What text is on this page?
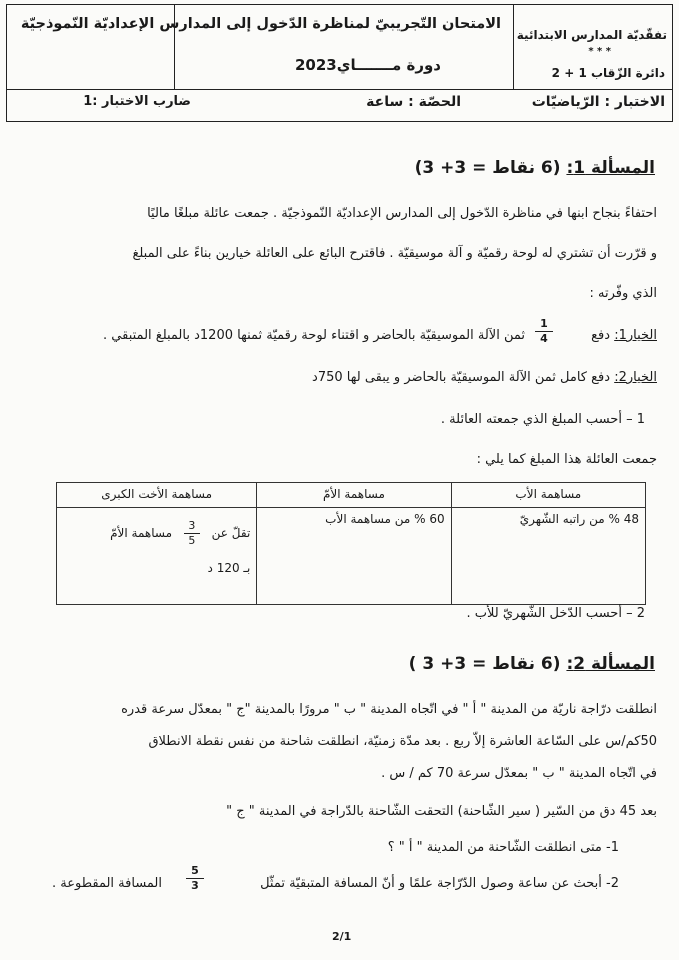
تفقّديّة المدارس الابتدائية
* * *
دائرة الزّقاب 1 + 2
الامتحان التّجريبيّ لمناظرة الدّخول إلى المدارس الإعداديّة النّموذجيّة
دورة مـــــــاي2023
الاختبار : الرّياضيّات
الحصّة : ساعة
ضارب الاختبار :1
المسألة 1: (6 نقاط = 3+ 3)
احتفاءً بنجاح ابنها في مناظرة الدّخول إلى المدارس الإعداديّة النّموذجيّة . جمعت عائلة مبلغًا ماليًا
و قرّرت أن تشتري له لوحة رقميّة و آلة موسيقيّة . فاقترح البائع على العائلة خيارين بناءً على المبلغ
الذي وفّرته :
الخيار1: دفع
1
4
ثمن الآلة الموسيقيّة بالحاضر و اقتناء لوحة رقميّة ثمنها 1200د بالمبلغ المتبقي .
الخيار2: دفع كامل ثمن الآلة الموسيقيّة بالحاضر و يبقى لها 750د
1 – أحسب المبلغ الذي جمعته العائلة .
جمعت العائلة هذا المبلغ كما يلي :
مساهمة الأب	مساهمة الأمّ	مساهمة الأخت الكبرى
48 % من راتبه الشّهريّ	60 % من مساهمة الأب	تقلّ عن
$\frac{3}{5}$
مساهمة الأمّ
بـ 120 د
2 – أحسب الدّخل الشّهريّ للأب .
المسألة 2: (6 نقاط = 3+ 3 )
انطلقت درّاجة ناريّة من المدينة " أ " في اتّجاه المدينة " ب " مرورًا بالمدينة "ج " بمعدّل سرعة قدره
50كم/س على السّاعة العاشرة إلاّ ربع . بعد مدّة زمنيّة، انطلقت شاحنة من نفس نقطة الانطلاق
في اتّجاه المدينة " ب " بمعدّل سرعة 70 كم / س .
بعد 45 دق من السّير ( سير الشّاحنة) التحقت الشّاحنة بالدّراجة في المدينة " ج "
1- متى انطلقت الشّاحنة من المدينة " أ " ؟
2- أبحث عن ساعة وصول الدّرّاجة علمًا و أنّ المسافة المتبقيّة تمثّل
5
3
المسافة المقطوعة .
2/1
